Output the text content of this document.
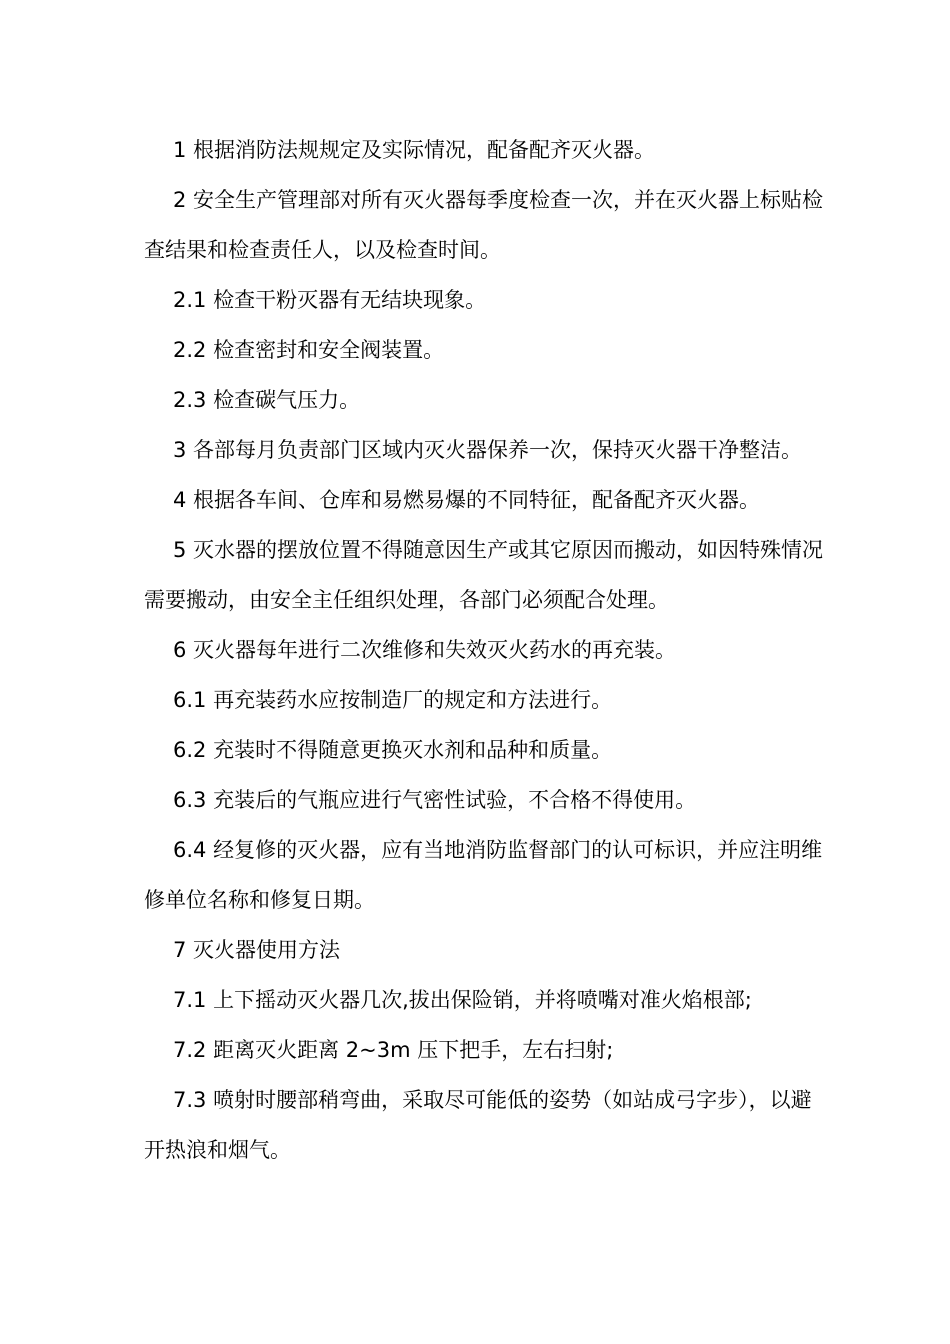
1 根据消防法规规定及实际情况，配备配齐灭火器。

2 安全生产管理部对所有灭火器每季度检查一次，并在灭火器上标贴检查结果和检查责任人，以及检查时间。

2.1 检查干粉灭器有无结块现象。

2.2 检查密封和安全阀装置。

2.3 检查碳气压力。

3 各部每月负责部门区域内灭火器保养一次，保持灭火器干净整洁。

4 根据各车间、仓库和易燃易爆的不同特征，配备配齐灭火器。

5 灭水器的摆放位置不得随意因生产或其它原因而搬动，如因特殊情况需要搬动，由安全主任组织处理，各部门必须配合处理。

6 灭火器每年进行二次维修和失效灭火药水的再充装。

6.1 再充装药水应按制造厂的规定和方法进行。

6.2 充装时不得随意更换灭水剂和品种和质量。

6.3 充装后的气瓶应进行气密性试验，不合格不得使用。

6.4 经复修的灭火器，应有当地消防监督部门的认可标识，并应注明维修单位名称和修复日期。

7 灭火器使用方法

7.1 上下摇动灭火器几次,拔出保险销，并将喷嘴对准火焰根部;

7.2 距离灭火距离 2~3m 压下把手，左右扫射;

7.3 喷射时腰部稍弯曲，采取尽可能低的姿势（如站成弓字步），以避开热浪和烟气。
